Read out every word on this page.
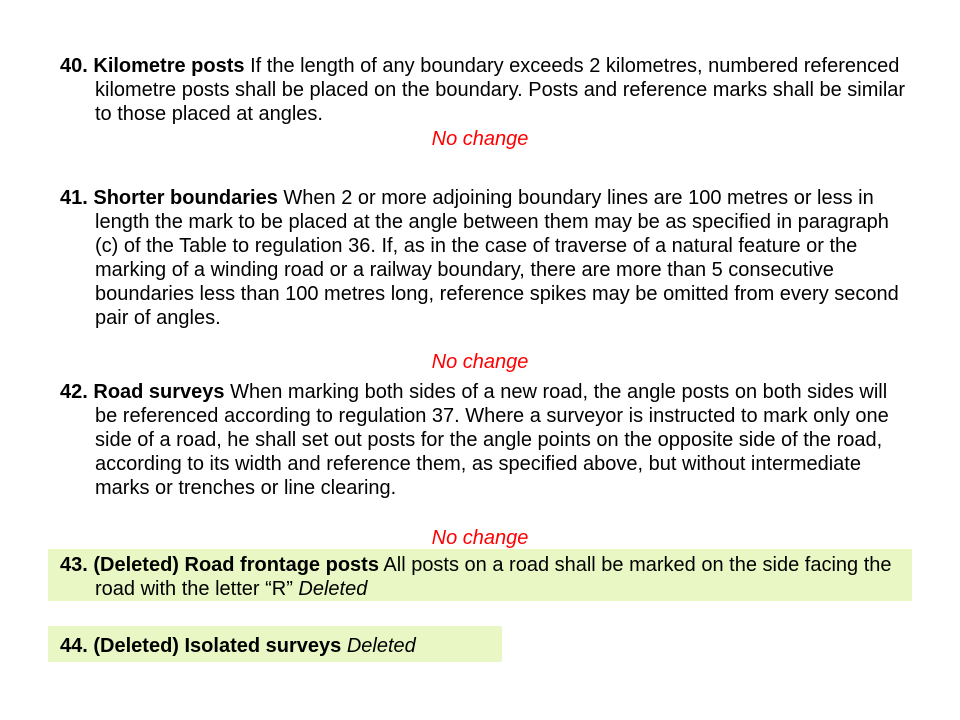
40. Kilometre posts If the length of any boundary exceeds 2 kilometres, numbered referenced kilometre posts shall be placed on the boundary. Posts and reference marks shall be similar to those placed at angles.

No change

41. Shorter boundaries When 2 or more adjoining boundary lines are 100 metres or less in length the mark to be placed at the angle between them may be as specified in paragraph (c) of the Table to regulation 36. If, as in the case of traverse of a natural feature or the marking of a winding road or a railway boundary, there are more than 5 consecutive boundaries less than 100 metres long, reference spikes may be omitted from every second pair of angles.

No change

42. Road surveys When marking both sides of a new road, the angle posts on both sides will be referenced according to regulation 37. Where a surveyor is instructed to mark only one side of a road, he shall set out posts for the angle points on the opposite side of the road, according to its width and reference them, as specified above, but without intermediate marks or trenches or line clearing.

No change

43. (Deleted) Road frontage posts All posts on a road shall be marked on the side facing the road with the letter “R” Deleted

44. (Deleted) Isolated surveys Deleted
